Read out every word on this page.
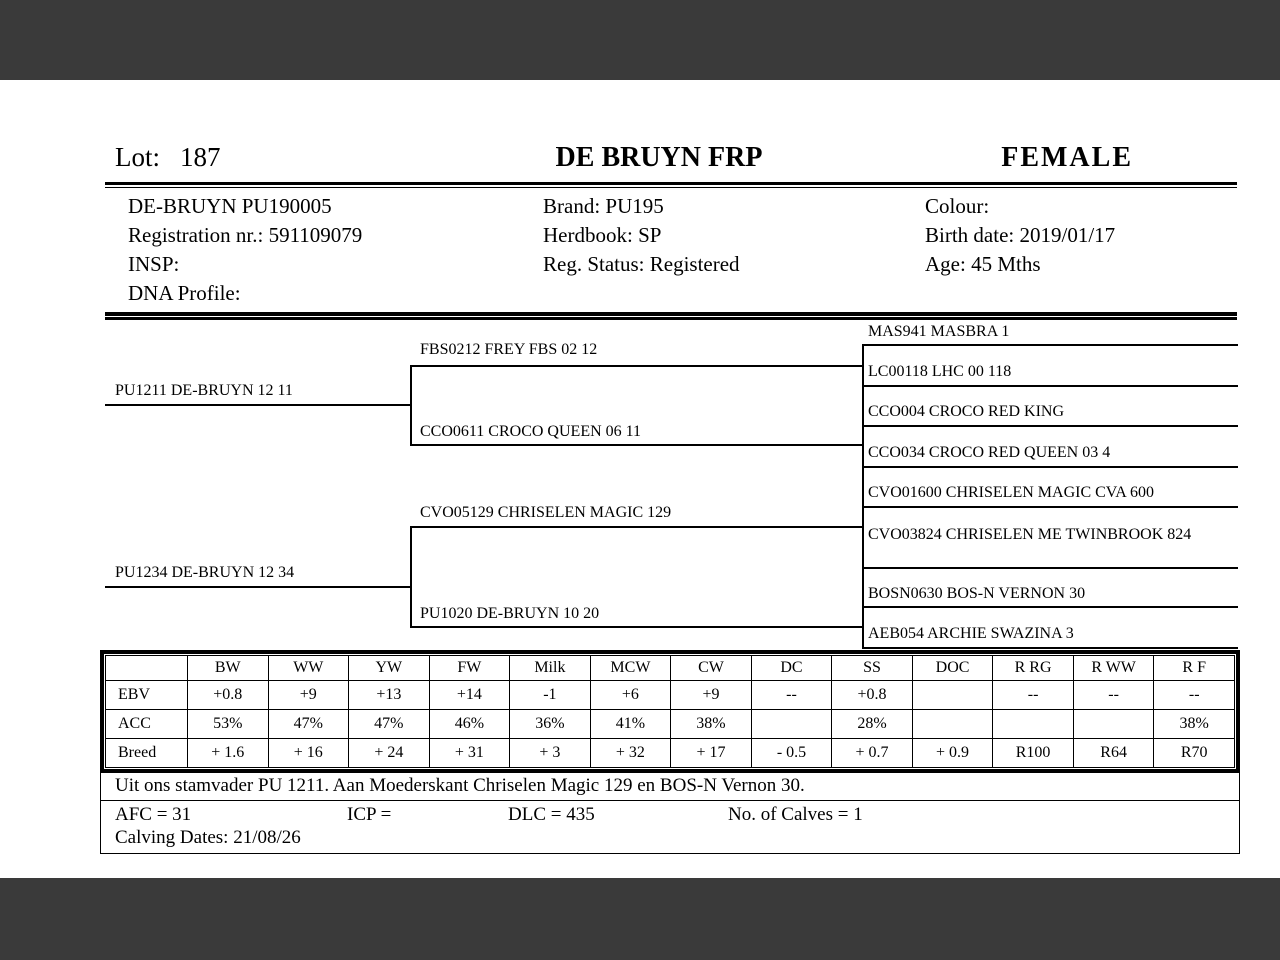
Lot: 187	DE BRUYN FRP	FEMALE
DE-BRUYN PU190005
Registration nr.: 591109079
INSP:
DNA Profile:
Brand: PU195
Herdbook: SP
Reg. Status: Registered
Colour:
Birth date: 2019/01/17
Age: 45 Mths
PU1211 DE-BRUYN 12 11
PU1234 DE-BRUYN 12 34
FBS0212 FREY FBS 02 12
CCO0611 CROCO QUEEN 06 11
CVO05129 CHRISELEN MAGIC 129
PU1020 DE-BRUYN 10 20
MAS941 MASBRA 1
LC00118 LHC 00 118
CCO004 CROCO RED KING
CCO034 CROCO RED QUEEN 03 4
CVO01600 CHRISELEN MAGIC CVA 600
CVO03824 CHRISELEN ME TWINBROOK 824
BOSN0630 BOS-N VERNON 30
AEB054 ARCHIE SWAZINA 3
	BW	WW	YW	FW	Milk	MCW	CW	DC	SS	DOC	R RG	R WW	R F
EBV	+0.8	+9	+13	+14	-1	+6	+9	--	+0.8		--	--	--
ACC	53%	47%	47%	46%	36%	41%	38%		28%				38%
Breed	+ 1.6	+ 16	+ 24	+ 31	+ 3	+ 32	+ 17	- 0.5	+ 0.7	+ 0.9	R100	R64	R70
Uit ons stamvader PU 1211. Aan Moederskant Chriselen Magic 129 en BOS-N Vernon 30.
AFC = 31	ICP =	DLC = 435	No. of Calves = 1
Calving Dates: 21/08/26
